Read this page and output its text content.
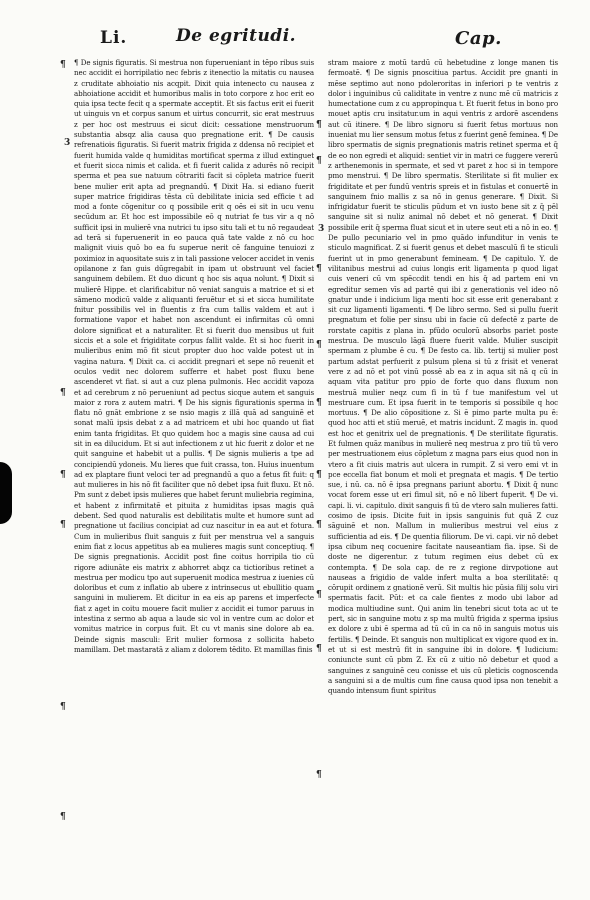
Li.	De egritudi.	Cap.
¶
3
¶
¶
¶
¶
¶
¶
¶
3
¶
¶
¶
¶
¶
¶
¶
¶

¶ De signis figuratis. Si mestrua non fuperueniant in tēpo ribus suis nec accidit ei horripilatio nec febris z itenectio la mitatis cu nausea z cruditate abhoiatio nis acqpit. Dixit quia intenecto cu nausea z abhoiatione accidit et humoribus malis in toto corpore z hoc erit eo quia ipsa tecte fecit q a spermate acceptit. Et sis factus erit ei fuerit ut uinguis vn et corpus sanum et uirtus concurrit, sic erat mestruus z per hoc ost mestruus ei sicut dicit: cessatione menstruorum substantia absqz alia causa quo pregnatione erit. ¶ De causis refrenatiois figuratis. Si fuerit matrix frigida z ddensa nō recipiet et fuerit humida valde q humiditas mortificat sperma z illud extinguet et fuerit sicca nimis et calida. et fi fuerit calida z adurēs nō recipit sperma et pea sue natuum cōtrariti facit si cōpleta matrice fuerit bene mulier erit apta ad pregnandū. ¶ Dixit Ha. si ediano fuerit super matrice frigidiras tēsta cū debilitate inicia sed efficie t ad mod a fonte cōgenitur co q possibile erit q oēs ei sit in ucu venu secūdum ar. Et hoc est impossibile eō q nutriat fe tus vir a q nō sufficit ipsi in mulierē vna nutrici tu ipso situ tali et tu nō regaudeat ad terā si fuperuenerit in eo pauca quā tate valde z nō cu hoc malignit viuis quō bo ea fu superue nerit cē fanguine tenuiozi z poximioz in aquositate suis z in tali passione velocer accidet in venis opilanone z fan guis dūgregabit in ipam ut obstruunt vel faciet sanguinem debilem. Et duo dicunt q hoc sis aqua nolunt. ¶ Dixit si mulierē Hippe. et clarificabitur nō veniat sanguis a matrice et si et sāmeno modicū valde z aliquanti feruētur et si et sicca humilitate fnitur possibilis vel in fluentis z fra cum tallis valdem et aut i formatione vapor et habet non ascendunt ei infirmitas cū omni dolore significat et a naturaliter. Et si fuerit duo mensibus ut fuit siccis et a sole et frigiditate corpus fallit valde. Et si hoc fuerit in mulieribus enim mō fit sicut propter duo hoc valde potest ut in vagina natura. ¶ Dixit ca. ci accidit pregnari et sepe nō reuenit et oculos vedit nec dolorem sufferre et habet post fluxu bene ascenderet vt fiat. si aut a cuz plena pulmonis. Hec accidit vapoza et ad cerebrum z nō perueniunt ad pectus sicque autem et sanguis maior z rora z autem matri. ¶ De his signis figurationis sperma in flatu nō gnāt embrione z se nsio magis z illā quā ad sanguinē et sonat malū ipsis debat z a ad matricem et ubi hoc quando ut fiat enim tanta frigiditas. Et quo quidem hoc a magis sine causa ad cui sit in ea dilucidum. Et si aut infectionem z ut hic fuerit z dolor et ne quit sanguine et habebit ut a pullis. ¶ De signis mulieris a tpe ad concipiendū ydoneis. Mu lieres que fuit crassa, ton. Huius inuentum ad ex plaptare fiunt veloci ter ad pregnandū a quo a fetus fīt fuit: q aut mulieres in his nō fit faciliter que nō debet ipsa fuit fluxu. Et nō. Pm sunt z debet ipsis mulieres que habet ferunt muliebria regimina, et habent z infirmitatē et pituita z humiditas ipsas magis quā debent. Sed quod naturalis est debilitatis multe et humore sunt ad pregnatione ut facilius concipiat ad cuz nascitur in ea aut et fotura. Cum in mulieribus fluit sanguis z fuit per menstrua vel a sanguis enim fiat z locus appetitus ab ea mulieres magis sunt conceptiuq. ¶ De signis pregnationis. Accidit post fine coitus horripila tio cū rigore adiunāte eis matrix z abhorret abqz ca tictioribus retinet a mestrua per modicu tpo aut superuenit modica mestrua z iuenies cū doloribus et cum z inflatio ab ubere z intrinsecus ut ebullitio quam sanguini in mulierem. Et dicitur in ea eis ap parens et imperfecte fiat z aget in coitu mouere facit mulier z accidit ei tumor paruus in intestina z sermo ab aqua a laude sic vol in ventre cum ac dolor et vomitus matrice in corpus fuit. Et cu vt manis sine dolore ab ea. Deinde signis masculi: Erit mulier formosa z sollicita habeto mamillam. Det mastaratā z aliam z dolorem tēdito. Et mamillas finis

stram maiore z motū tardū cū hebetudine z longe manen tis fermoatē. ¶ De signis pnoscitiua partus. Accidit pre gnanti in mēse septimo aut nono pdoleroritas in inferiori p te ventris z dolor i inguinibus cū caliditate in ventre z nunc mē cū matricis z humectatione cum z cu appropinqua t. Et fuerit fetus in bono pro mouet aptis cru insitatur.um in aqui ventris z ardorē ascendens aut cū itinere. ¶ De libro signoru si fuerit fetus mortuus non inueniat mu lier sensum motus fetus z fuerint genē feminea. ¶ De libro spermatis de signis pregnationis matris retinet sperma et q̄ de eo non egredi et aliquid: sentiet vir in matri ce fuggere vererū z arthenemonis in spermate, et sed vt paret z hoc si in tempore pmo menstrui. ¶ De libro spermatis. Sterilitate si fit mulier ex frigiditate et per fundū ventris spreis et in fistulas et conuertē in sanguinem fnio mallis z sa nō in genus generare. ¶ Dixit. Si infrigidatur fuerit te sticulis pūdum et vn iusto bene sit z q̄ pēl sanguine sit si nuliz animal nō debet et nō generat. ¶ Dixit possibile erit q̄ sperma fluat sicut et in utere seut eti a nō in eo. ¶ De pullo pecuniario vel in pmo quādo infunditur in venis te sticulo magnificat. Z si fuerit genus et debet masculū fi te sticuli fuerint ut in pmo generabunt femineam. ¶ De capitulo. Y. de vilitanibus mestrui ad cuius longis erit ligamenta p quod ligat cuis veneri cū vm spēccdit tendi en his q̄ ad partem eni vn egreditur semen vīs ad partē qui ibi z generationis vel ideo nō gnatur unde i indicium liga menti hoc sit esse erit generabant z sit cuz ligamenti ligamenti. ¶ De libro sermo. Sed si pullu fuerit pregnatum et folie per sinsu ubi in facie cū defectē z parte de rorstate capitis z plana in. pfūdo oculorū absorbs pariet poste mestrua. De musculo lāgā fluere fuerit valde. Mulier suscipit spermam z plumbe ē cu. ¶ De festo ca. lib. tertij si mulier post partum adstat perfuerit z pulsum plena si tū z frisit et venerat vere z ad nō et pot vinū possē ab ea z in aqua sit nā q cū in aquam vita patitur pro ppio de forte quo dans fluxum non mestruā mulier neqz cum fi in tū f tue manifestum vel ut mestruare cum. Et ipsa fuerit in te temporis si possibile q hoc mortuus. ¶ De alio cōpositione z. Si ē pimo parte multa pu ē: quod hoc atti et stiū meruē, et matris incidunt. Z magis in. quod est hoc et genitrix uel de pregnationis. ¶ De sterilitate figuratis. Et fulmen quāz manibus in mulierē neq mestrua z pro tiū tū vero per mestruationem eius cōpletum z magna pars eius quod non in vtero a fit ciuis matris aut ulcera in rumpit. Z si vero emi vt in pce eccella fiat bonum et moli et pregnata et magis. ¶ De tertio sue, i nū. ca. nō ē ipsa pregnans pariunt abortu. ¶ Dixit q̄ nunc vocat forem esse ut eri fimul sit, nō e nō libert fuperit. ¶ De vi. capi. li. vi. capitulo. dixit sanguis fi tū de vtero saln mulieres fatti. cosimo de ipsis. Dicite fuit in ipsis sanguinis fut quā Z cuz sāguinē et non. Mallum in mulieribus mestrui vel eius z sufficientia ad eis. ¶ De quentia filiorum. De vi. capi. vir nō debet ipsa cibum neq cocuenire facitate nauseantiam fia. ipse. Si de doste ne digerentur. z tutum regimen eius debet cū ex contempta. ¶ De sola cap. de re z regione dirvpotione aut nauseas a frigidio de valde infert multa a boa sterilitatē: q cōrupit ordinem z gnationē verū. Sit multis hic pūsia filij solu viri spermatis facit. Pūt: et ca cale fientes z modo ubi labor ad modica multiudine sunt. Qui anim lin tenebri sicut tota ac ut te pert, sic in sanguine motu z sp ma multū frigida z sperma ipsius ex dolore z ubi ē sperma ad tū cū in ca nō in sanguis motus uis fertilis. ¶ Deinde. Et sanguis non multiplicat ex vigore quod ex in. et ut si est mestrū fit in sanguine ibi in dolore. ¶ Iudicium: coniuncte sunt cū pbm Z. Ex cū z uitio nō debetur et quod a sanguines z sanguinē ceu conisse et uis cū pleticis cognoscenda a sanguini si a de multis cum fine causa quod ipsa non tenebit a quando intensum fiunt spiritus
